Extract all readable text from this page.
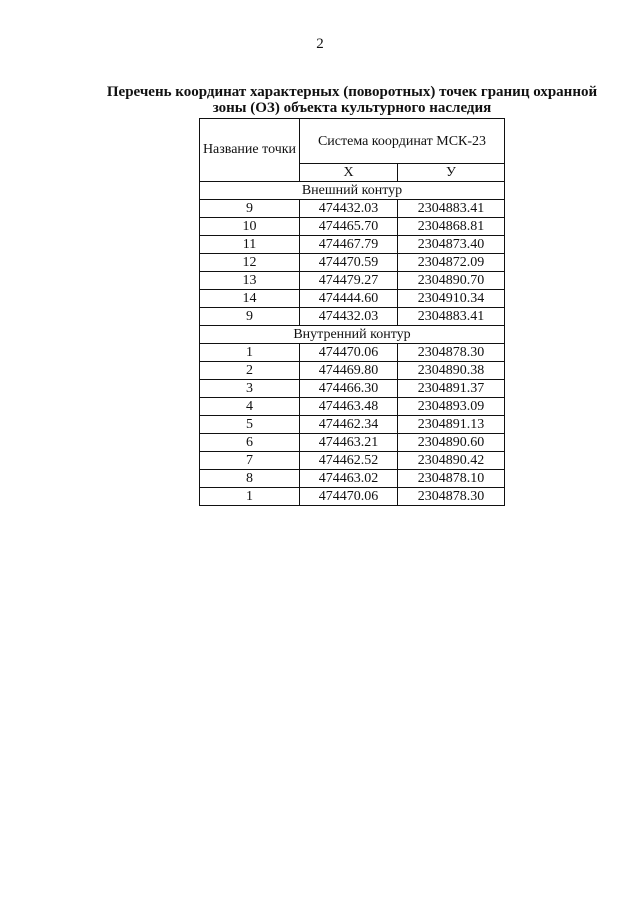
2
Перечень координат характерных (поворотных) точек границ охранной зоны (ОЗ) объекта культурного наследия
Название точки	Система координат МСК-23	
	X	У
Внешний контур		
9	474432.03	2304883.41
10	474465.70	2304868.81
11	474467.79	2304873.40
12	474470.59	2304872.09
13	474479.27	2304890.70
14	474444.60	2304910.34
9	474432.03	2304883.41
Внутренний контур		
1	474470.06	2304878.30
2	474469.80	2304890.38
3	474466.30	2304891.37
4	474463.48	2304893.09
5	474462.34	2304891.13
6	474463.21	2304890.60
7	474462.52	2304890.42
8	474463.02	2304878.10
1	474470.06	2304878.30
